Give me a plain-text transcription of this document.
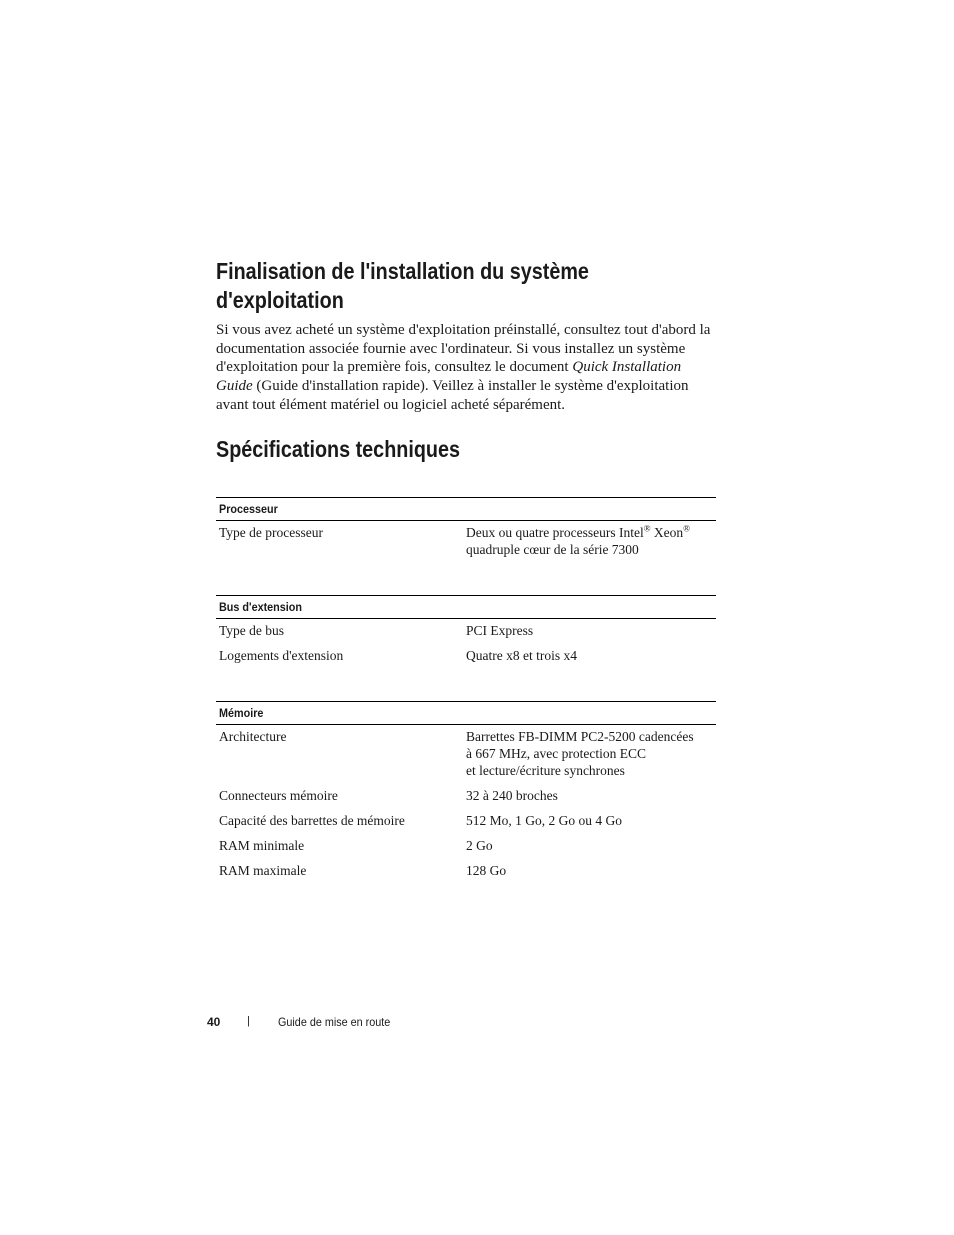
Finalisation de l'installation du système
d'exploitation

Si vous avez acheté un système d'exploitation préinstallé, consultez tout d'abord la documentation associée fournie avec l'ordinateur. Si vous installez un système d'exploitation pour la première fois, consultez le document Quick Installation Guide (Guide d'installation rapide). Veillez à installer le système d'exploitation avant tout élément matériel ou logiciel acheté séparément.

Spécifications techniques
Processeur
Type de processeur	Deux ou quatre processeurs Intel® Xeon®
quadruple cœur de la série 7300
Bus d'extension
Type de bus	PCI Express
Logements d'extension	Quatre x8 et trois x4
Mémoire
Architecture	Barrettes FB-DIMM PC2-5200 cadencées
à 667 MHz, avec protection ECC
et lecture/écriture synchrones
Connecteurs mémoire	32 à 240 broches
Capacité des barrettes de mémoire	512 Mo, 1 Go, 2 Go ou 4 Go
RAM minimale	2 Go
RAM maximale	128 Go
40 | Guide de mise en route
